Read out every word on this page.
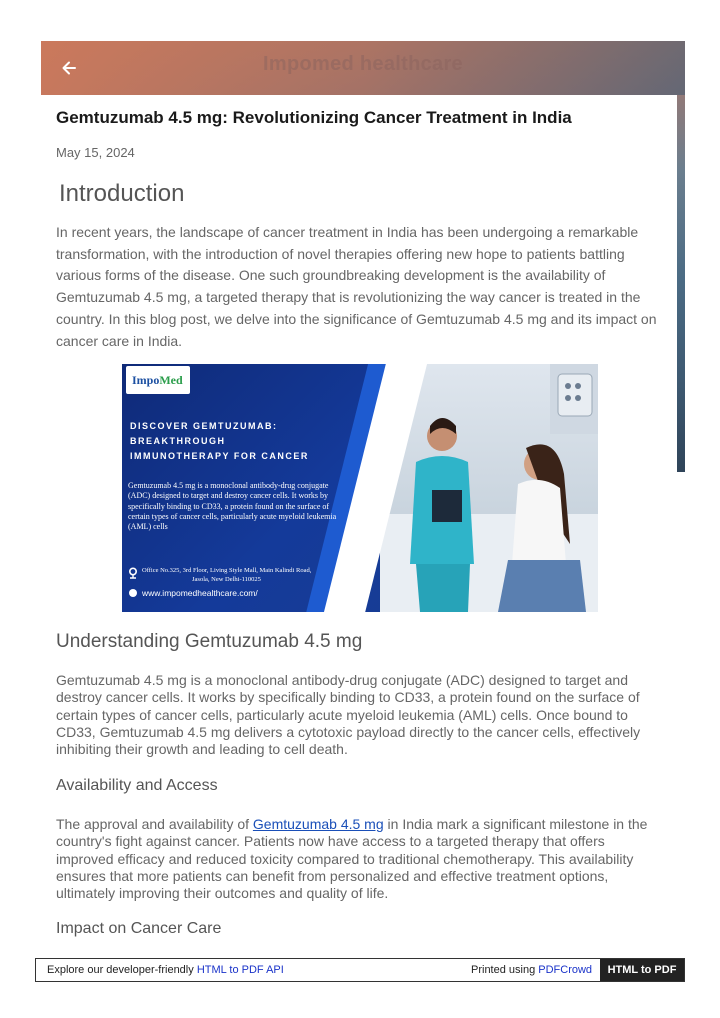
Impomed healthcare
Gemtuzumab 4.5 mg: Revolutionizing Cancer Treatment in India
May 15, 2024
Introduction

In recent years, the landscape of cancer treatment in India has been undergoing a remarkable transformation, with the introduction of novel therapies offering new hope to patients battling various forms of the disease. One such groundbreaking development is the availability of Gemtuzumab 4.5 mg, a targeted therapy that is revolutionizing the way cancer is treated in the country. In this blog post, we delve into the significance of Gemtuzumab 4.5 mg and its impact on cancer care in India.

ImpoMed
DISCOVER GEMTUZUMAB:
BREAKTHROUGH
IMMUNOTHERAPY FOR CANCER
Gemtuzumab 4.5 mg is a monoclonal antibody-drug conjugate (ADC) designed to target and destroy cancer cells. It works by specifically binding to CD33, a protein found on the surface of certain types of cancer cells, particularly acute myeloid leukemia (AML) cells
Office No.325, 3rd Floor, Living Style Mall, Main Kalindi Road,
Jasola, New Delhi-110025
www.impomedhealthcare.com/
Understanding Gemtuzumab 4.5 mg

Gemtuzumab 4.5 mg is a monoclonal antibody-drug conjugate (ADC) designed to target and destroy cancer cells. It works by specifically binding to CD33, a protein found on the surface of certain types of cancer cells, particularly acute myeloid leukemia (AML) cells. Once bound to CD33, Gemtuzumab 4.5 mg delivers a cytotoxic payload directly to the cancer cells, effectively inhibiting their growth and leading to cell death.

Availability and Access

The approval and availability of Gemtuzumab 4.5 mg in India mark a significant milestone in the country's fight against cancer. Patients now have access to a targeted therapy that offers improved efficacy and reduced toxicity compared to traditional chemotherapy. This availability ensures that more patients can benefit from personalized and effective treatment options, ultimately improving their outcomes and quality of life.

Impact on Cancer Care
Explore our developer-friendly HTML to PDF API	Printed using PDFCrowd	HTML to PDF
